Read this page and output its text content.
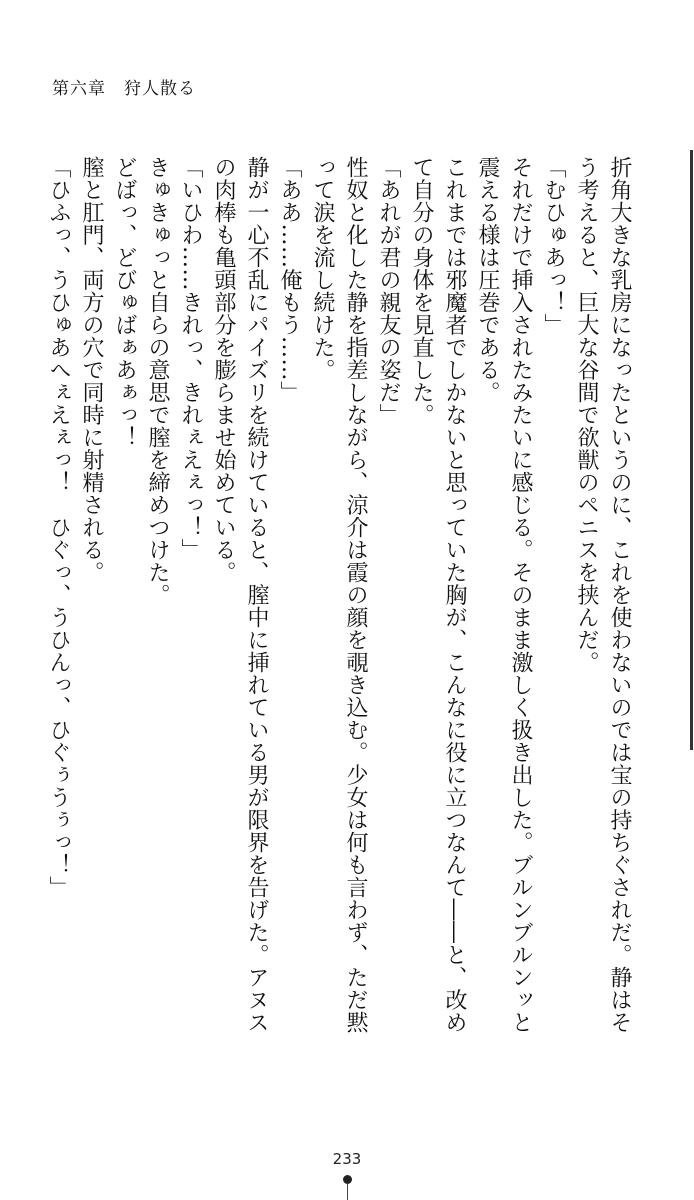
第六章　狩人散る

折角大きな乳房になったというのに、これを使わないのでは宝の持ちぐされだ。静はそ

う考えると、巨大な谷間で欲獣のペニスを挟んだ。

「むひゅあっ！」

それだけで挿入されたみたいに感じる。そのまま激しく扱き出した。ブルンブルンッと

震える様は圧巻である。

これまでは邪魔者でしかないと思っていた胸が、こんなに役に立つなんて――と、改め

て自分の身体を見直した。

「あれが君の親友の姿だ」

性奴と化した静を指差しながら、涼介は霞の顔を覗き込む。少女は何も言わず、ただ黙

って涙を流し続けた。

「ああ……俺もう……」

静が一心不乱にパイズリを続けていると、膣中に挿れている男が限界を告げた。アヌス

の肉棒も亀頭部分を膨らませ始めている。

「いひわ……きれっ、きれぇえぇっ！」

きゅきゅっと自らの意思で膣を締めつけた。

どばっ、どびゅばぁあぁっ！

膣と肛門、両方の穴で同時に射精される。

「ひふっ、うひゅあへぇえぇっ！　ひぐっ、うひんっ、ひぐぅうぅっ！」

233
